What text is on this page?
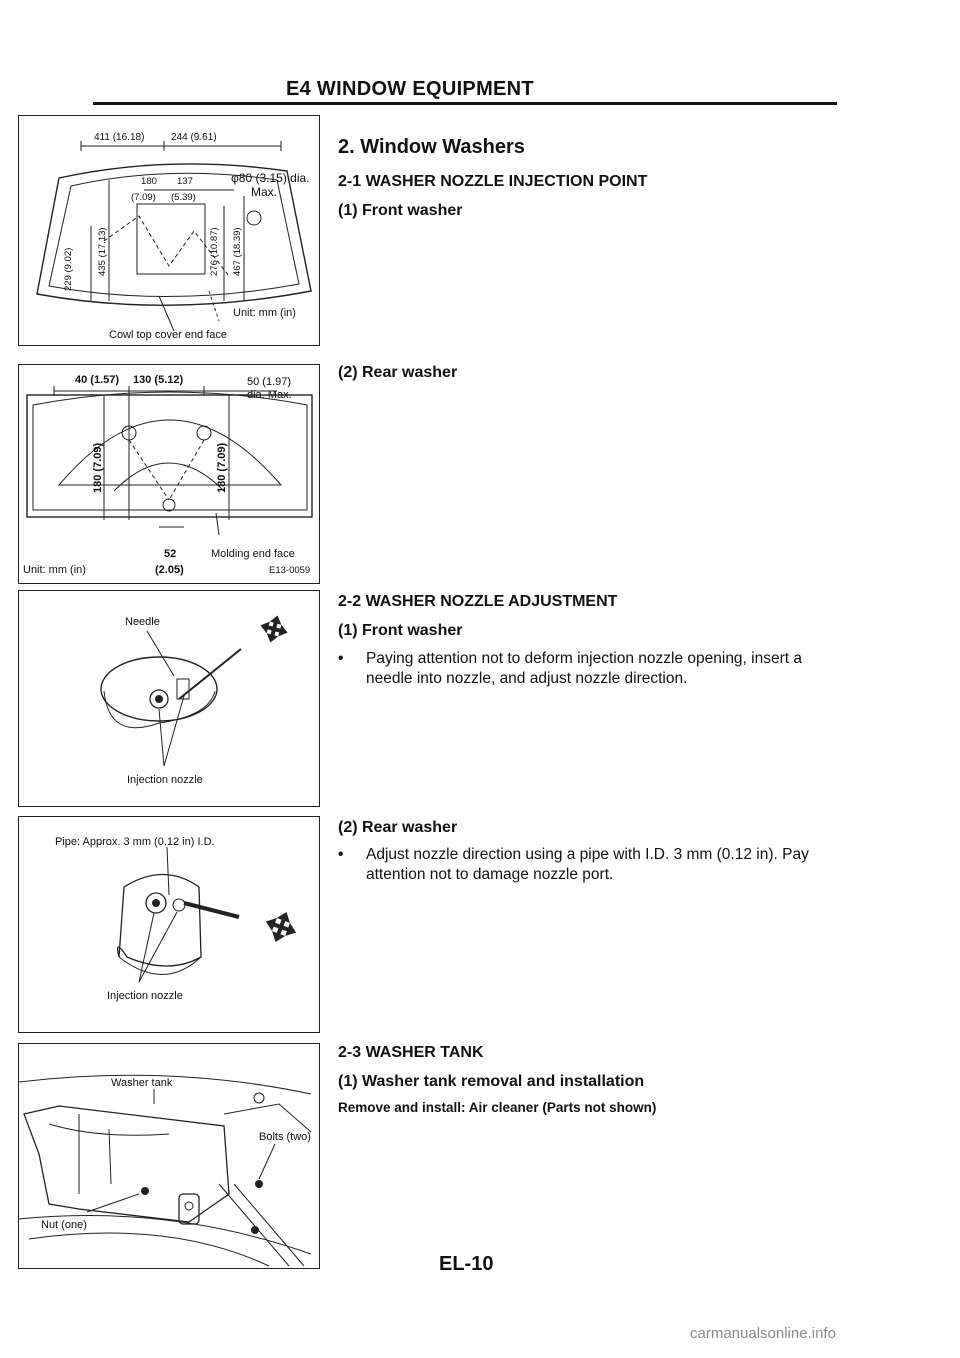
E4 WINDOW EQUIPMENT
411 (16.18)	244 (9.61)
φ80 (3.15) dia.
Max.
180 137
(7.09) (5.39)
229 (9.02) 435 (17.13)	276 (10.87) 467 (18.39)
Unit: mm (in)
Cowl top cover end face
40 (1.57) 130 (5.12)	50 (1.97)
dia. Max.
180 (7.09)	180 (7.09)
52
(2.05)
Molding end face
Unit: mm (in)	E13-0059
Needle
Injection nozzle
Pipe: Approx. 3 mm (0.12 in) I.D.
Injection nozzle
Washer tank
Bolts (two)
Nut (one)
2. Window Washers
2-1 WASHER NOZZLE INJECTION POINT
(1) Front washer
(2) Rear washer
2-2 WASHER NOZZLE ADJUSTMENT
(1) Front washer
• Paying attention not to deform injection nozzle opening, insert a needle into nozzle, and adjust nozzle direction.
(2) Rear washer
• Adjust nozzle direction using a pipe with I.D. 3 mm (0.12 in). Pay attention not to damage nozzle port.
2-3 WASHER TANK
(1) Washer tank removal and installation
Remove and install: Air cleaner (Parts not shown)
EL-10
carmanualsonline.info
